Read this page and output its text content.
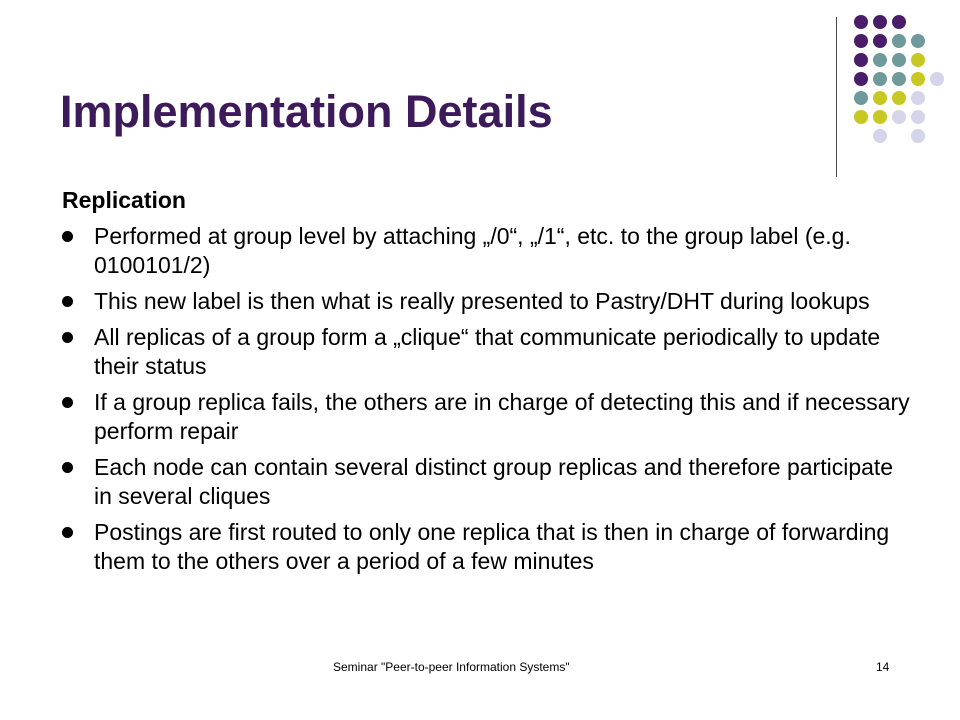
Implementation Details
Replication
Performed at group level by attaching „/0“, „/1“, etc. to the group label (e.g. 0100101/2)
This new label is then what is really presented to Pastry/DHT during lookups
All replicas of a group form a „clique“ that communicate periodically to update their status
If a group replica fails, the others are in charge of detecting this and if necessary perform repair
Each node can contain several distinct group replicas and therefore participate in several cliques
Postings are first routed to only one replica that is then in charge of forwarding them to the others over a period of a few minutes
Seminar "Peer-to-peer Information Systems"	14
